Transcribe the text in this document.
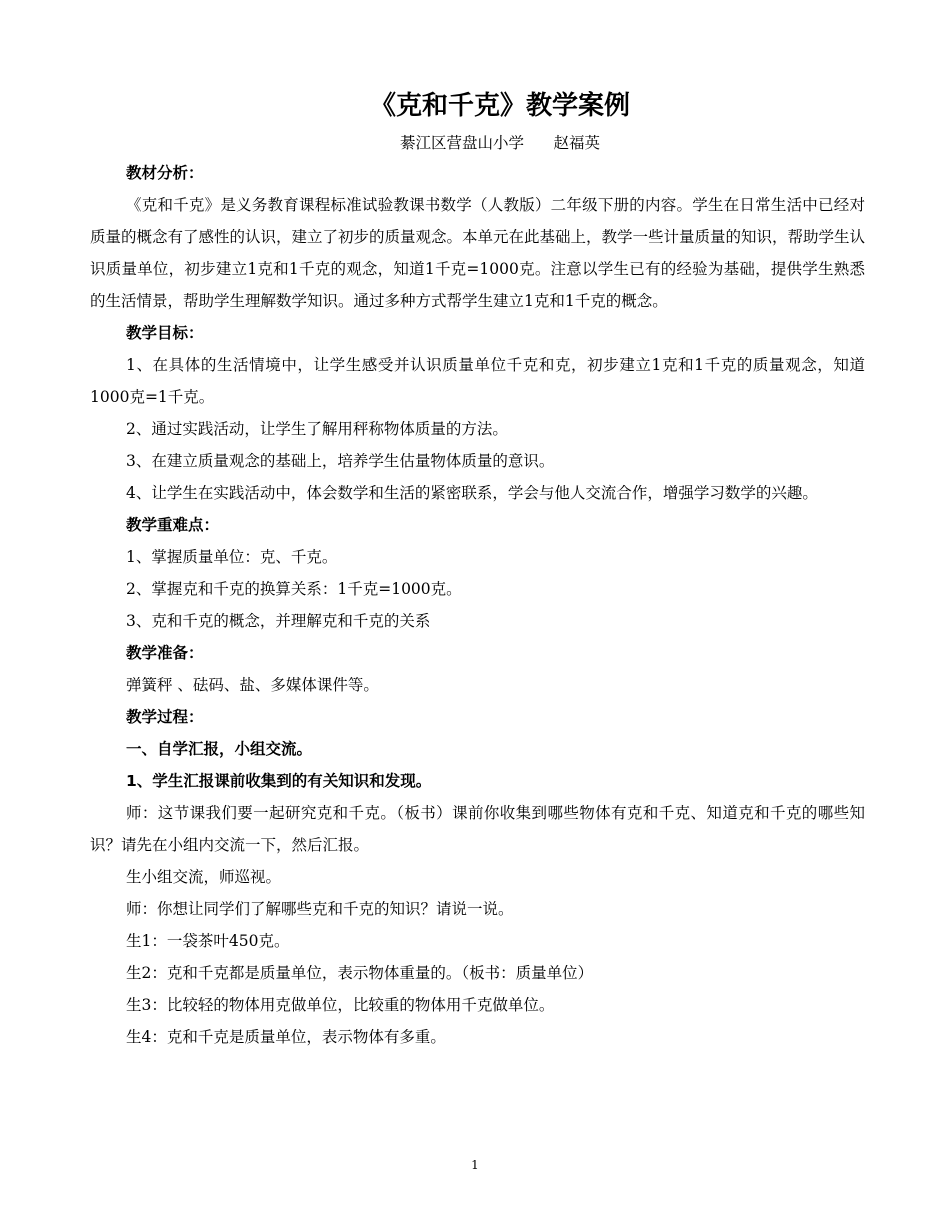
《克和千克》教学案例
綦江区营盘山小学      赵福英

教材分析：

《克和千克》是义务教育课程标准试验教课书数学（人教版）二年级下册的内容。学生在日常生活中已经对质量的概念有了感性的认识，建立了初步的质量观念。本单元在此基础上，教学一些计量质量的知识，帮助学生认识质量单位，初步建立1克和1千克的观念，知道1千克=1000克。注意以学生已有的经验为基础，提供学生熟悉的生活情景，帮助学生理解数学知识。通过多种方式帮学生建立1克和1千克的概念。

教学目标：

1、在具体的生活情境中，让学生感受并认识质量单位千克和克，初步建立1克和1千克的质量观念，知道1000克=1千克。

2、通过实践活动，让学生了解用秤称物体质量的方法。

3、在建立质量观念的基础上，培养学生估量物体质量的意识。

4、让学生在实践活动中，体会数学和生活的紧密联系，学会与他人交流合作，增强学习数学的兴趣。

教学重难点：

1、掌握质量单位：克、千克。

2、掌握克和千克的换算关系：1千克=1000克。

3、克和千克的概念，并理解克和千克的关系

教学准备：

弹簧秤 、砝码、盐、多媒体课件等。

教学过程：

一、自学汇报，小组交流。

1、学生汇报课前收集到的有关知识和发现。

师：这节课我们要一起研究克和千克。（板书）课前你收集到哪些物体有克和千克、知道克和千克的哪些知识？请先在小组内交流一下，然后汇报。

生小组交流，师巡视。

师：你想让同学们了解哪些克和千克的知识？请说一说。

生1：一袋茶叶450克。

生2：克和千克都是质量单位，表示物体重量的。（板书：质量单位）

生3：比较轻的物体用克做单位，比较重的物体用千克做单位。

生4：克和千克是质量单位，表示物体有多重。

1
